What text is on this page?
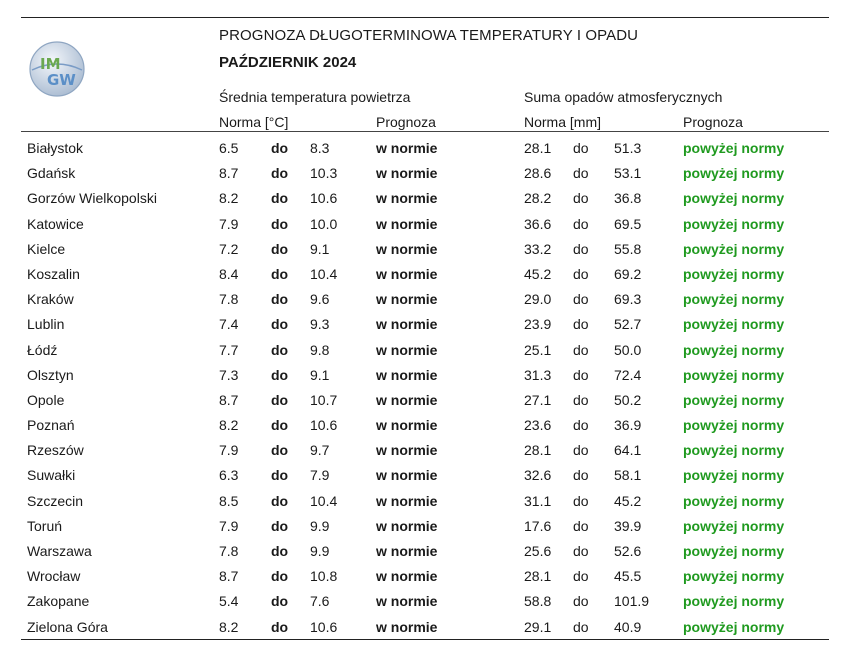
IM
GW
PROGNOZA DŁUGOTERMINOWA TEMPERATURY I OPADU
PAŹDZIERNIK 2024
Średnia temperatura powietrza	Suma opadów atmosferycznych
Norma [°C]	Prognoza	Norma [mm]	Prognoza
Białystok	6.5 do 8.3	w normie	28.1 do 51.3	powyżej normy
Gdańsk	8.7 do 10.3	w normie	28.6 do 53.1	powyżej normy
Gorzów Wielkopolski	8.2 do 10.6	w normie	28.2 do 36.8	powyżej normy
Katowice	7.9 do 10.0	w normie	36.6 do 69.5	powyżej normy
Kielce	7.2 do 9.1	w normie	33.2 do 55.8	powyżej normy
Koszalin	8.4 do 10.4	w normie	45.2 do 69.2	powyżej normy
Kraków	7.8 do 9.6	w normie	29.0 do 69.3	powyżej normy
Lublin	7.4 do 9.3	w normie	23.9 do 52.7	powyżej normy
Łódź	7.7 do 9.8	w normie	25.1 do 50.0	powyżej normy
Olsztyn	7.3 do 9.1	w normie	31.3 do 72.4	powyżej normy
Opole	8.7 do 10.7	w normie	27.1 do 50.2	powyżej normy
Poznań	8.2 do 10.6	w normie	23.6 do 36.9	powyżej normy
Rzeszów	7.9 do 9.7	w normie	28.1 do 64.1	powyżej normy
Suwałki	6.3 do 7.9	w normie	32.6 do 58.1	powyżej normy
Szczecin	8.5 do 10.4	w normie	31.1 do 45.2	powyżej normy
Toruń	7.9 do 9.9	w normie	17.6 do 39.9	powyżej normy
Warszawa	7.8 do 9.9	w normie	25.6 do 52.6	powyżej normy
Wrocław	8.7 do 10.8	w normie	28.1 do 45.5	powyżej normy
Zakopane	5.4 do 7.6	w normie	58.8 do 101.9 powyżej normy
Zielona Góra	8.2 do 10.6	w normie	29.1 do 40.9	powyżej normy
